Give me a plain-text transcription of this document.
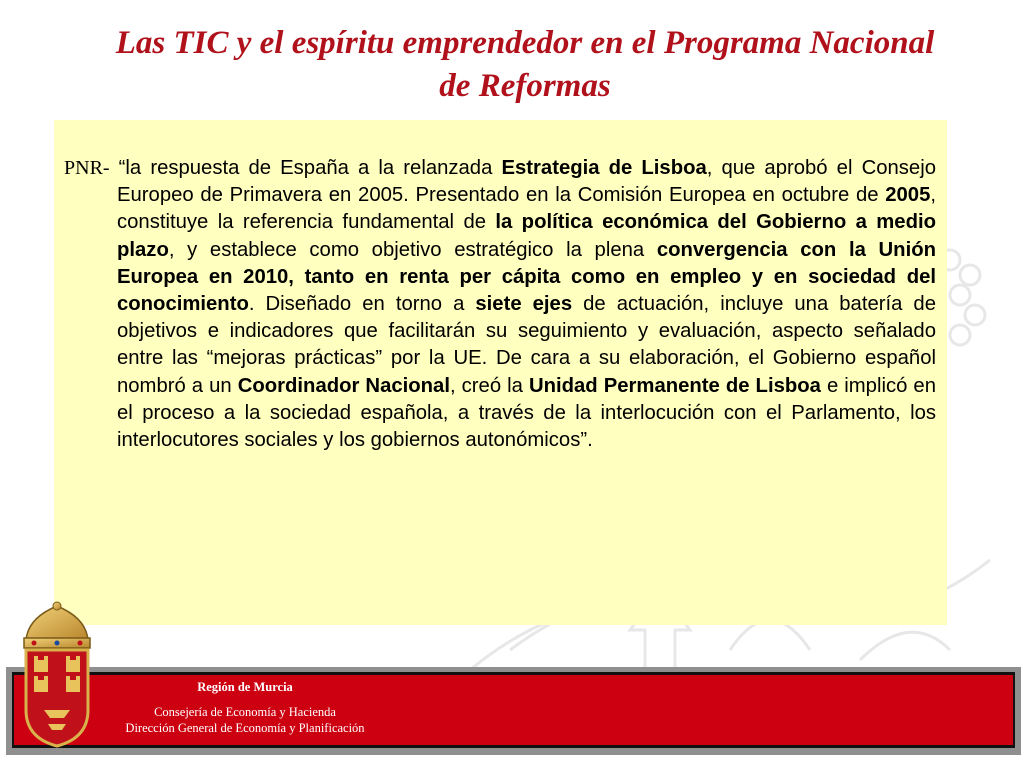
Las TIC y el espíritu emprendedor en el Programa Nacional de Reformas
PNR- “la respuesta de España a la relanzada Estrategia de Lisboa, que aprobó el Consejo Europeo de Primavera en 2005. Presentado en la Comisión Europea en octubre de 2005, constituye la referencia fundamental de la política económica del Gobierno a medio plazo, y establece como objetivo estratégico la plena convergencia con la Unión Europea en 2010, tanto en renta per cápita como en empleo y en sociedad del conocimiento. Diseñado en torno a siete ejes de actuación, incluye una batería de objetivos e indicadores que facilitarán su seguimiento y evaluación, aspecto señalado entre las “mejoras prácticas” por la UE. De cara a su elaboración, el Gobierno español nombró a un Coordinador Nacional, creó la Unidad Permanente de Lisboa e implicó en el proceso a la sociedad española, a través de la interlocución con el Parlamento, los interlocutores sociales y los gobiernos autonómicos”.
Región de Murcia
Consejería de Economía y Hacienda
Dirección General de Economía y Planificación
